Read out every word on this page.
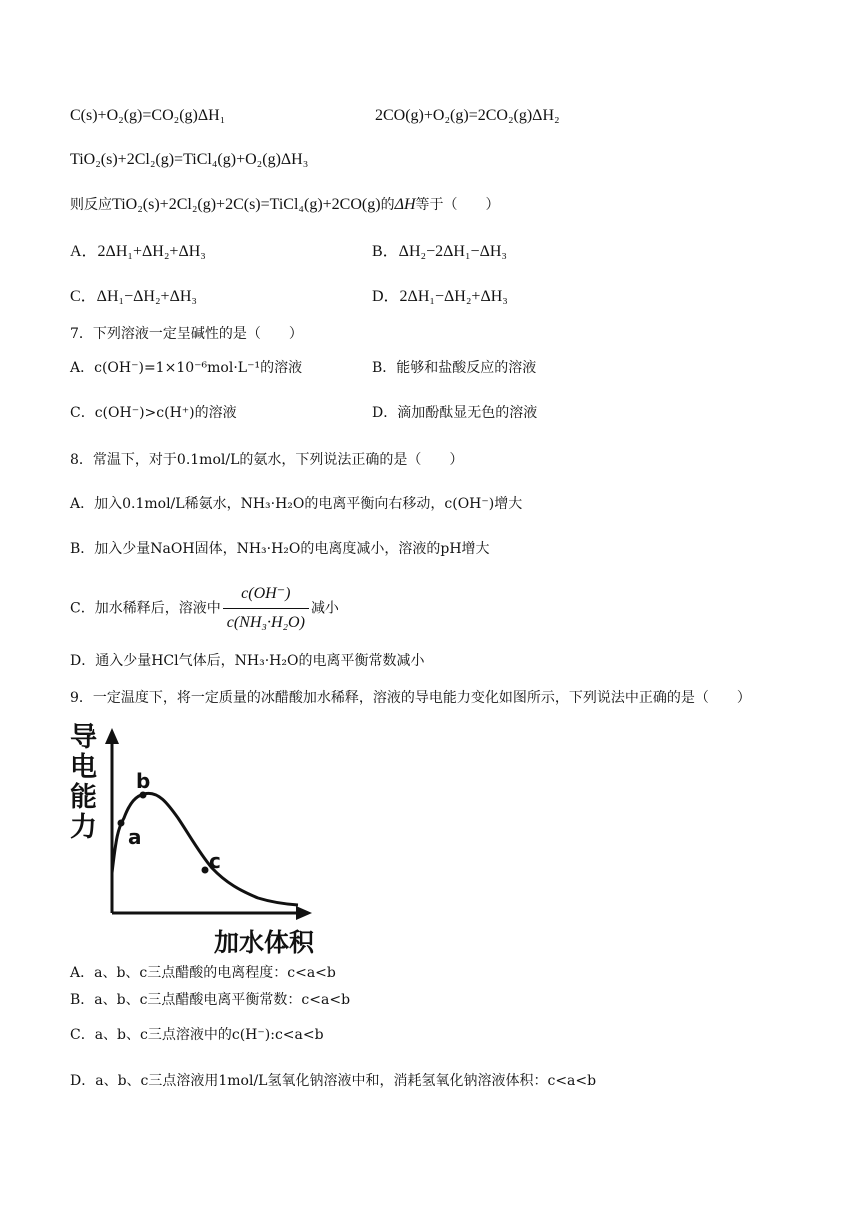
C(s)+O₂(g)=CO₂(g)ΔH₁	2CO(g)+O₂(g)=2CO₂(g)ΔH₂
TiO₂(s)+2Cl₂(g)=TiCl₄(g)+O₂(g)ΔH₃
则反应TiO₂(s)+2Cl₂(g)+2C(s)=TiCl₄(g)+2CO(g)的ΔH等于（　　）
A．2ΔH₁+ΔH₂+ΔH₃	B．ΔH₂−2ΔH₁−ΔH₃
C．ΔH₁−ΔH₂+ΔH₃	D．2ΔH₁−ΔH₂+ΔH₃
7．下列溶液一定呈碱性的是（　　）
A．c(OH⁻)=1×10⁻⁶mol·L⁻¹的溶液	B．能够和盐酸反应的溶液
C．c(OH⁻)>c(H⁺)的溶液	D．滴加酚酞显无色的溶液
8．常温下，对于0.1mol/L的氨水，下列说法正确的是（　　）
A．加入0.1mol/L稀氨水，NH₃·H₂O的电离平衡向右移动，c(OH⁻)增大
B．加入少量NaOH固体，NH₃·H₂O的电离度减小，溶液的pH增大
C．加水稀释后，溶液中 $\frac{c(OH^-)}{\text{c(NH₃·H₂O)}}$ 减小
D．通入少量HCl气体后，NH₃·H₂O的电离平衡常数减小
9．一定温度下，将一定质量的冰醋酸加水稀释，溶液的导电能力变化如图所示，下列说法中正确的是（　　）
导
电
能
力 a
b
c
加水体积
A．a、b、c三点醋酸的电离程度：c<a<b
B．a、b、c三点醋酸电离平衡常数：c<a<b
C．a、b、c三点溶液中的c(H⁻):c<a<b
D．a、b、c三点溶液用1mol/L氢氧化钠溶液中和，消耗氢氧化钠溶液体积：c<a<b
